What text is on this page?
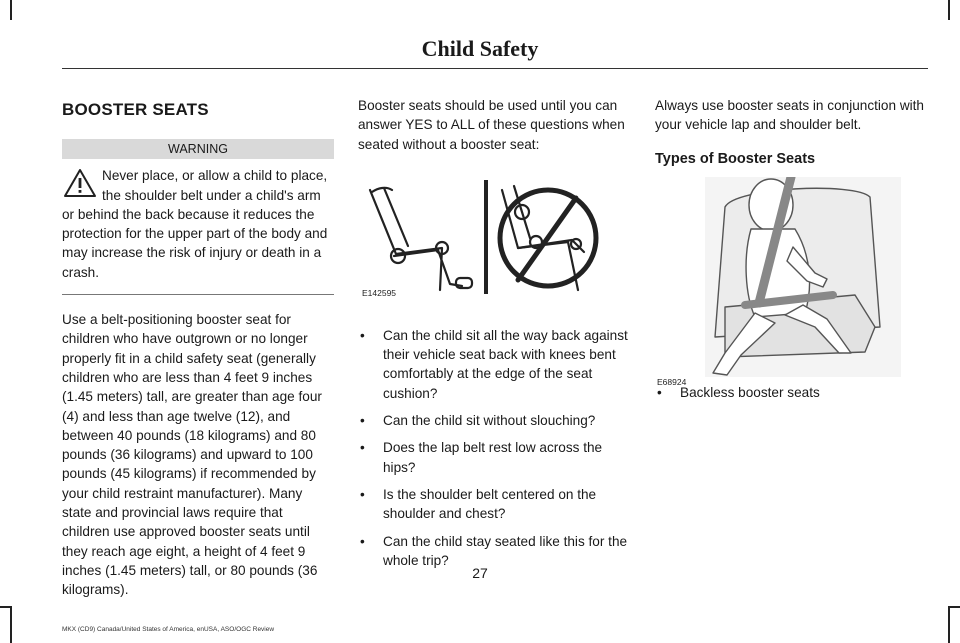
Child Safety
BOOSTER SEATS
WARNING

Never place, or allow a child to place, the shoulder belt under a child's arm or behind the back because it reduces the protection for the upper part of the body and may increase the risk of injury or death in a crash.

Use a belt-positioning booster seat for children who have outgrown or no longer properly fit in a child safety seat (generally children who are less than 4 feet 9 inches (1.45 meters) tall, are greater than age four (4) and less than age twelve (12), and between 40 pounds (18 kilograms) and 80 pounds (36 kilograms) and upward to 100 pounds (45 kilograms) if recommended by your child restraint manufacturer). Many state and provincial laws require that children use approved booster seats until they reach age eight, a height of 4 feet 9 inches (1.45 meters) tall, or 80 pounds (36 kilograms).

Booster seats should be used until you can answer YES to ALL of these questions when seated without a booster seat:

E142595
• Can the child sit all the way back against their vehicle seat back with knees bent comfortably at the edge of the seat cushion?
• Can the child sit without slouching?
• Does the lap belt rest low across the hips?
• Is the shoulder belt centered on the shoulder and chest?
• Can the child stay seated like this for the whole trip?

Always use booster seats in conjunction with your vehicle lap and shoulder belt.

Types of Booster Seats
E68924
• Backless booster seats
27
MKX (CD9) Canada/United States of America, enUSA, ASO/OGC Review
